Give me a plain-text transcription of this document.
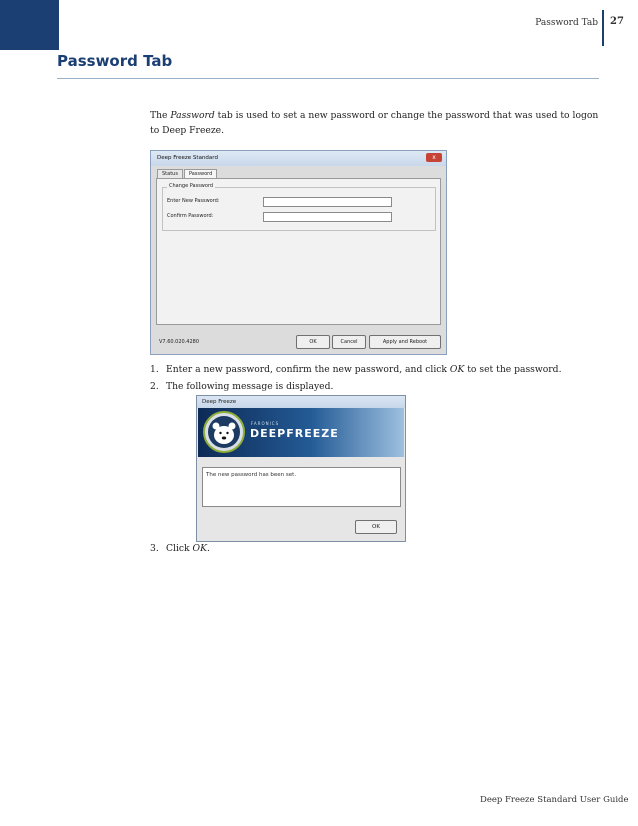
Password Tab 27
Password Tab
The Password tab is used to set a new password or change the password that was used to logon to Deep Freeze.
Deep Freeze Standard	x
Status	Password
Change Password
Enter New Password:
Confirm Password:
V7.60.020.4280	OK	Cancel	Apply and Reboot
1. Enter a new password, confirm the new password, and click OK to set the password.
2. The following message is displayed.
Deep Freeze
FARONICS
DEEPFREEZE
The new password has been set.
OK
3. Click OK.
Deep Freeze Standard User Guide
